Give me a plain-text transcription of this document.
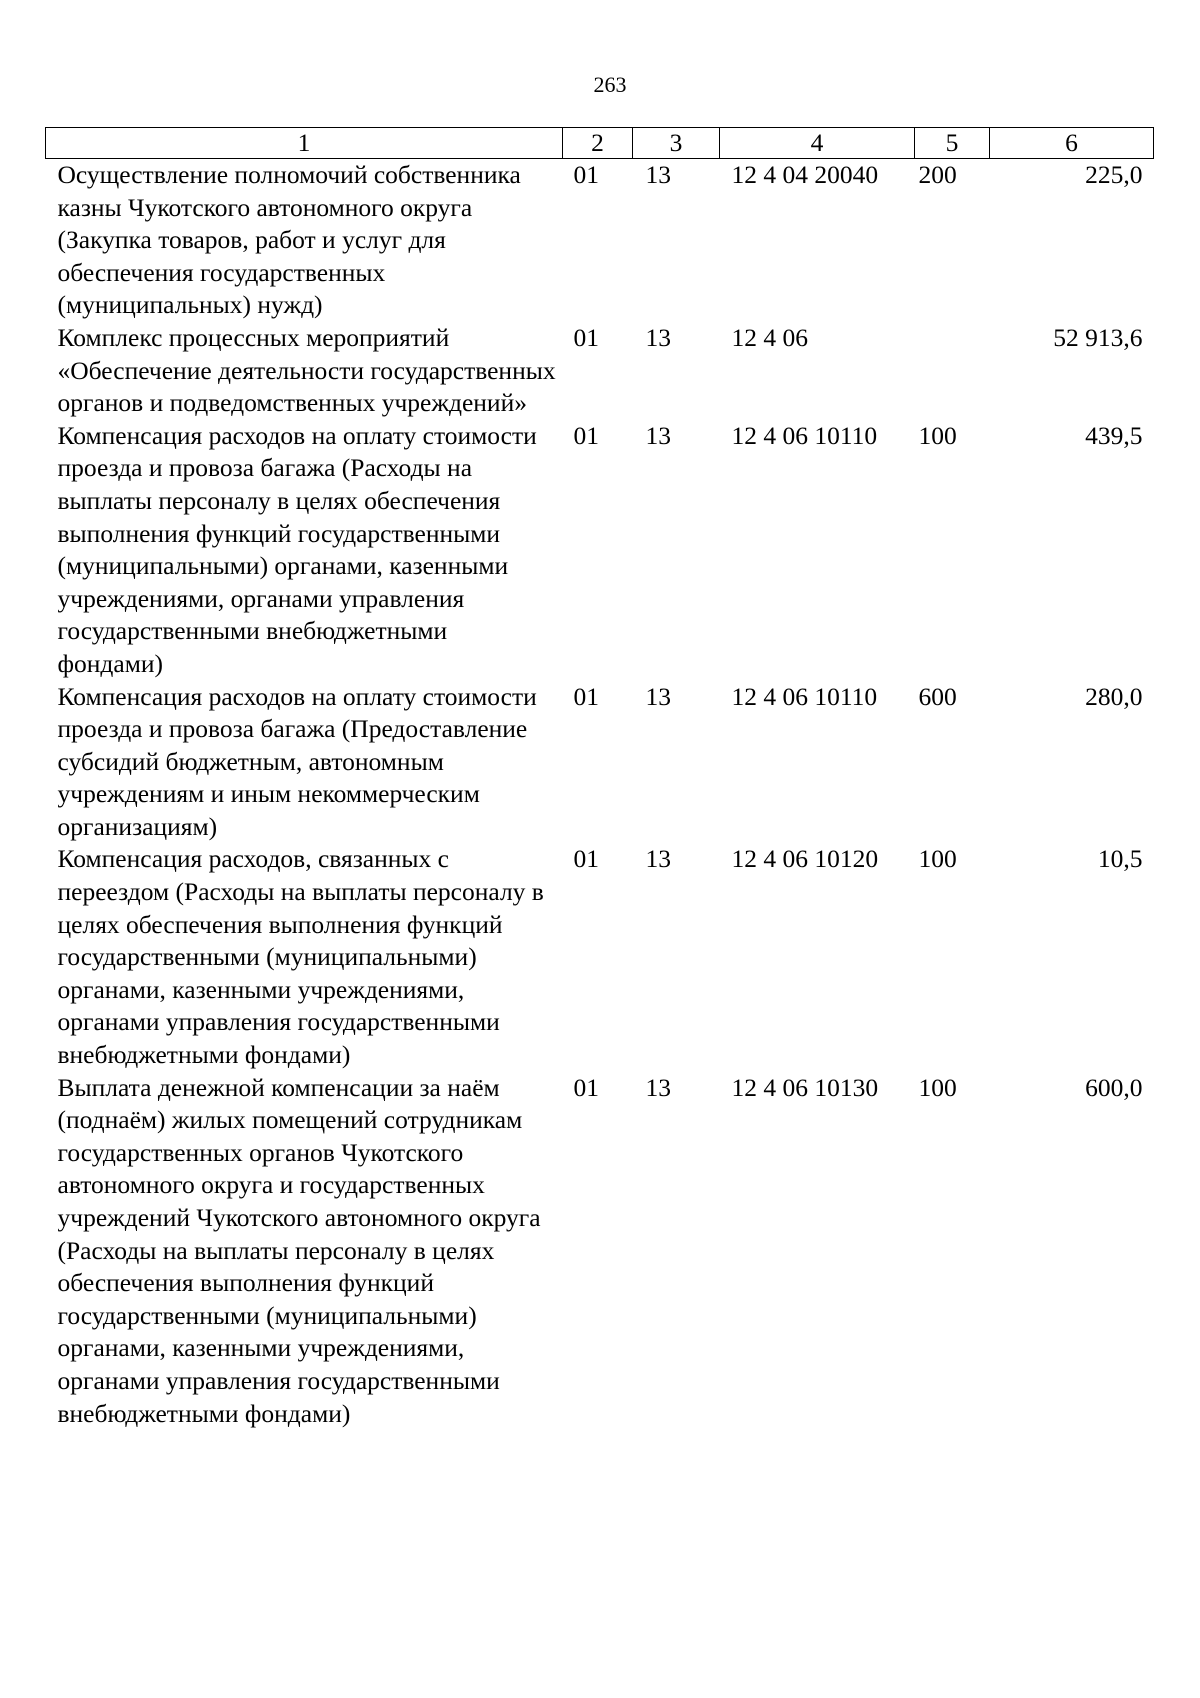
263
1	2	3	4	5	6
Осуществление полномочий собственника казны Чукотского автономного округа (Закупка товаров, работ и услуг для обеспечения государственных (муниципальных) нужд)	01	13	12 4 04 20040	200	225,0
Комплекс процессных мероприятий «Обеспечение деятельности государственных органов и подведомственных учреждений»	01	13	12 4 06		52 913,6
Компенсация расходов на оплату стоимости проезда и провоза багажа (Расходы на выплаты персоналу в целях обеспечения выполнения функций государственными (муниципальными) органами, казенными учреждениями, органами управления государственными внебюджетными фондами)	01	13	12 4 06 10110	100	439,5
Компенсация расходов на оплату стоимости проезда и провоза багажа (Предоставление субсидий бюджетным, автономным учреждениям и иным некоммерческим организациям)	01	13	12 4 06 10110	600	280,0
Компенсация расходов, связанных с переездом (Расходы на выплаты персоналу в целях обеспечения выполнения функций государственными (муниципальными) органами, казенными учреждениями, органами управления государственными внебюджетными фондами)	01	13	12 4 06 10120	100	10,5
Выплата денежной компенсации за наём (поднаём) жилых помещений сотрудникам государственных органов Чукотского автономного округа и государственных учреждений Чукотского автономного округа (Расходы на выплаты персоналу в целях обеспечения выполнения функций государственными (муниципальными) органами, казенными учреждениями, органами управления государственными внебюджетными фондами)	01	13	12 4 06 10130	100	600,0
